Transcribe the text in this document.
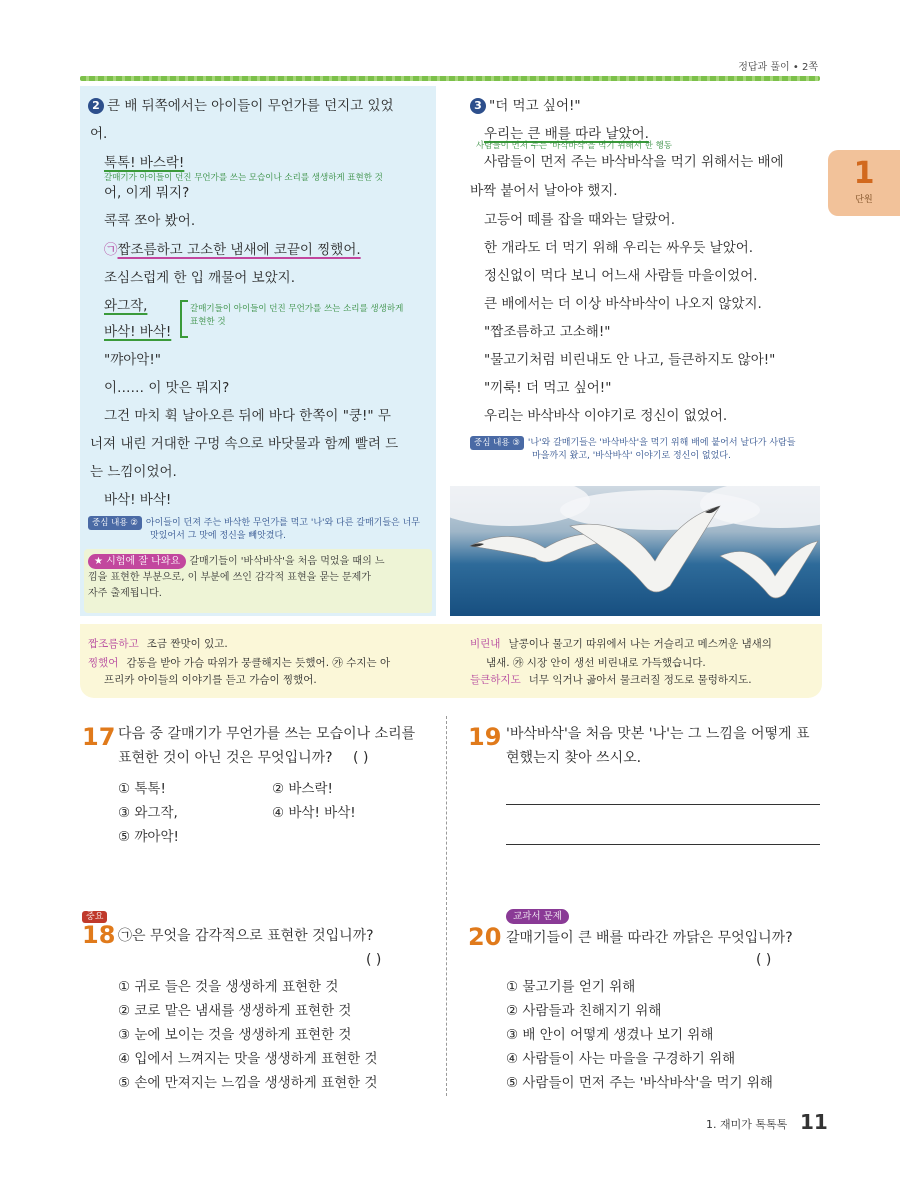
정답과 풀이 • 2쪽
1
단원
2 큰 배 뒤쪽에서는 아이들이 무언가를 던지고 있었
어.
톡톡! 바스락!
갈매기가 아이들이 던진 무언가를 쓰는 모습이나 소리를 생생하게 표현한 것
어, 이게 뭐지?
콕콕 쪼아 봤어.
㉠짭조름하고 고소한 냄새에 코끝이 찡했어.
조심스럽게 한 입 깨물어 보았지.
와그작,
바삭! 바삭!
갈매기들이 아이들이 던진 무언가를 쓰는 소리를 생생하게
표현한 것
"꺄아악!"
이…… 이 맛은 뭐지?
그건 마치 휙 날아오른 뒤에 바다 한쪽이 "쿵!" 무
너져 내린 거대한 구멍 속으로 바닷물과 함께 빨려 드
는 느낌이었어.
바삭! 바삭!
중심 내용 ② 아이들이 던져 주는 바삭한 무언가를 먹고 '나'와 다른 갈매기들은 너무
맛있어서 그 맛에 정신을 빼앗겼다.
★ 시험에 잘 나와요 갈매기들이 '바삭바삭'을 처음 먹었을 때의 느
낌을 표현한 부분으로, 이 부분에 쓰인 감각적 표현을 묻는 문제가
자주 출제됩니다.
3 "더 먹고 싶어!"
우리는 큰 배를 따라 날았어.
사람들이 먼저 주는 '바삭바삭'을 먹기 위해서 한 행동
사람들이 먼저 주는 바삭바삭을 먹기 위해서는 배에
바짝 붙어서 날아야 했지.
고등어 떼를 잡을 때와는 달랐어.
한 개라도 더 먹기 위해 우리는 싸우듯 날았어.
정신없이 먹다 보니 어느새 사람들 마을이었어.
큰 배에서는 더 이상 바삭바삭이 나오지 않았지.
"짭조름하고 고소해!"
"물고기처럼 비린내도 안 나고, 들큰하지도 않아!"
"끼룩! 더 먹고 싶어!"
우리는 바삭바삭 이야기로 정신이 없었어.
중심 내용 ③ '나'와 갈매기들은 '바삭바삭'을 먹기 위해 배에 붙어서 날다가 사람들
마을까지 왔고, '바삭바삭' 이야기로 정신이 없었다.
짭조름하고 조금 짠맛이 있고.
찡했어 감동을 받아 가슴 따위가 뭉클해지는 듯했어. ㉮ 수지는 아
프리카 아이들의 이야기를 듣고 가슴이 찡했어.
비린내 날콩이나 물고기 따위에서 나는 거슬리고 메스꺼운 냄새의
냄새. ㉮ 시장 안이 생선 비린내로 가득했습니다.
들큰하지도 너무 익거나 곪아서 물크러질 정도로 물렁하지도.
17 다음 중 갈매기가 무언가를 쓰는 모습이나 소리를
표현한 것이 아닌 것은 무엇입니까? ( )
① 톡톡!	② 바스락!
③ 와그작,	④ 바삭! 바삭!
⑤ 꺄아악!
중요
18 ㉠은 무엇을 감각적으로 표현한 것입니까?
( )
① 귀로 들은 것을 생생하게 표현한 것
② 코로 맡은 냄새를 생생하게 표현한 것
③ 눈에 보이는 것을 생생하게 표현한 것
④ 입에서 느껴지는 맛을 생생하게 표현한 것
⑤ 손에 만져지는 느낌을 생생하게 표현한 것
19 '바삭바삭'을 처음 맛본 '나'는 그 느낌을 어떻게 표
현했는지 찾아 쓰시오.
교과서 문제
20 갈매기들이 큰 배를 따라간 까닭은 무엇입니까?
( )
① 물고기를 얻기 위해
② 사람들과 친해지기 위해
③ 배 안이 어떻게 생겼나 보기 위해
④ 사람들이 사는 마을을 구경하기 위해
⑤ 사람들이 먼저 주는 '바삭바삭'을 먹기 위해
1. 재미가 톡톡톡 11
